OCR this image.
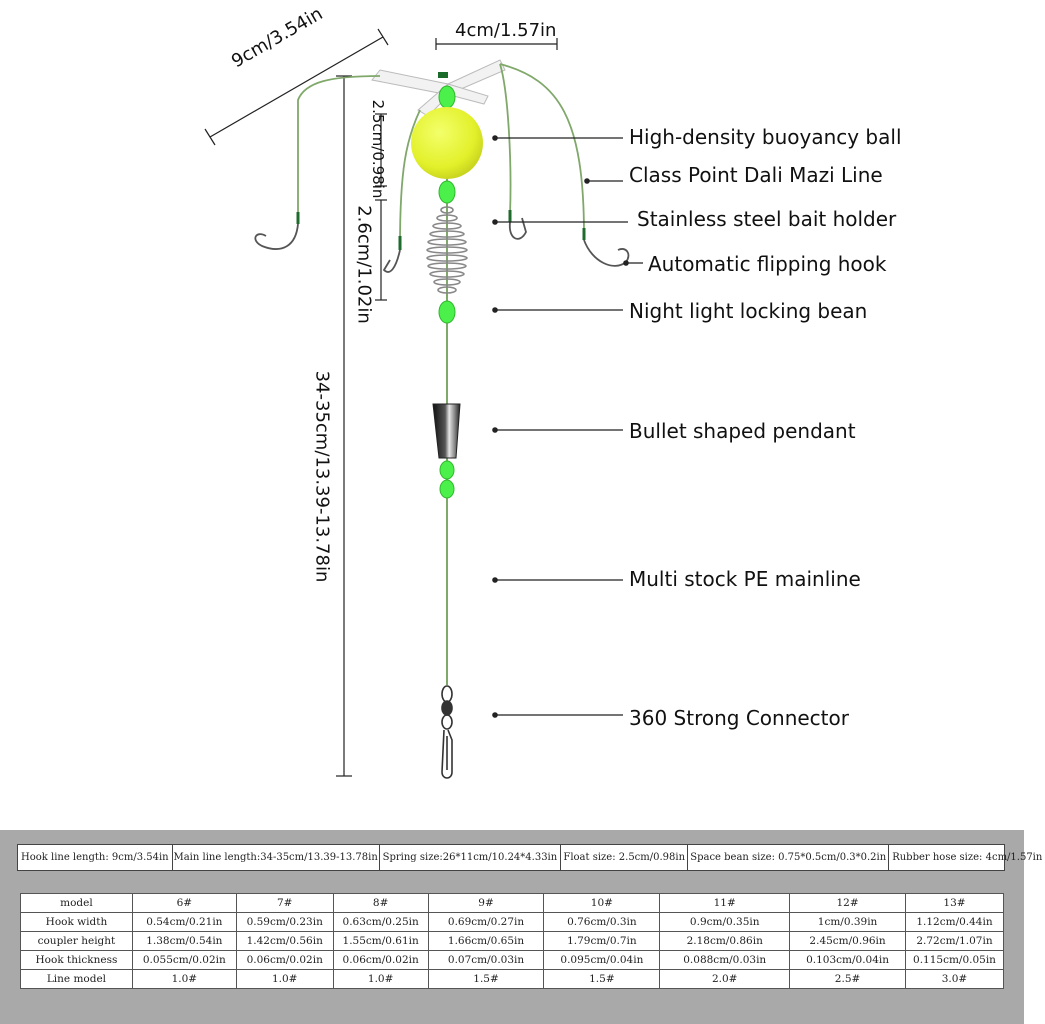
9cm/3.54in	4cm/1.57in
2.5cm/0.98in
2.6cm/1.02in
34-35cm/13.39-13.78in
High-density buoyancy ball
Class Point Dali Mazi Line
Stainless steel bait holder
Automatic flipping hook
Night light locking bean
Bullet shaped pendant
Multi stock PE mainline
360 Strong Connector
Hook line length: 9cm/3.54in Main line length:34-35cm/13.39-13.78in Spring size:26*11cm/10.24*4.33in Float size: 2.5cm/0.98in Space bean size: 0.75*0.5cm/0.3*0.2in Rubber hose size: 4cm/1.57in
model	6#	7#	8#	9#	10#	11#	12#	13#
Hook width	0.54cm/0.21in	0.59cm/0.23in	0.63cm/0.25in	0.69cm/0.27in	0.76cm/0.3in	0.9cm/0.35in	1cm/0.39in	1.12cm/0.44in
coupler height	1.38cm/0.54in	1.42cm/0.56in	1.55cm/0.61in	1.66cm/0.65in	1.79cm/0.7in	2.18cm/0.86in	2.45cm/0.96in	2.72cm/1.07in
Hook thickness	0.055cm/0.02in	0.06cm/0.02in	0.06cm/0.02in	0.07cm/0.03in	0.095cm/0.04in	0.088cm/0.03in	0.103cm/0.04in	0.115cm/0.05in
Line model	1.0#	1.0#	1.0#	1.5#	1.5#	2.0#	2.5#	3.0#
